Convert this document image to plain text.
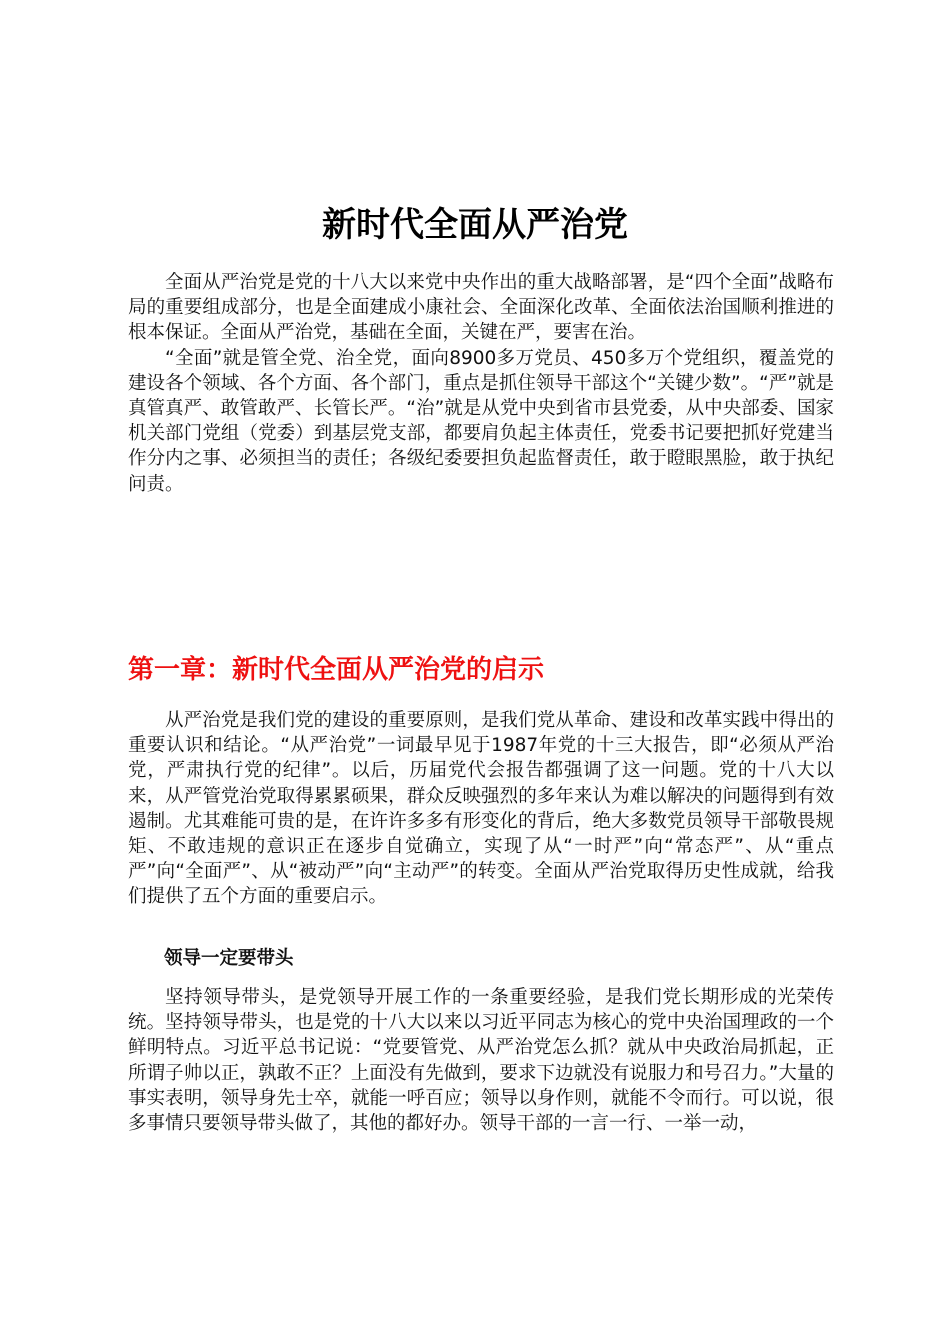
新时代全面从严治党

全面从严治党是党的十八大以来党中央作出的重大战略部署，是“四个全面”战略布局的重要组成部分，也是全面建成小康社会、全面深化改革、全面依法治国顺利推进的根本保证。全面从严治党，基础在全面，关键在严，要害在治。

“全面”就是管全党、治全党，面向8900多万党员、450多万个党组织，覆盖党的建设各个领域、各个方面、各个部门，重点是抓住领导干部这个“关键少数”。“严”就是真管真严、敢管敢严、长管长严。“治”就是从党中央到省市县党委，从中央部委、国家机关部门党组（党委）到基层党支部，都要肩负起主体责任，党委书记要把抓好党建当作分内之事、必须担当的责任；各级纪委要担负起监督责任，敢于瞪眼黑脸，敢于执纪问责。

第一章：新时代全面从严治党的启示

从严治党是我们党的建设的重要原则，是我们党从革命、建设和改革实践中得出的重要认识和结论。“从严治党”一词最早见于1987年党的十三大报告，即“必须从严治党，严肃执行党的纪律”。以后，历届党代会报告都强调了这一问题。党的十八大以来，从严管党治党取得累累硕果，群众反映强烈的多年来认为难以解决的问题得到有效遏制。尤其难能可贵的是，在许许多多有形变化的背后，绝大多数党员领导干部敬畏规矩、不敢违规的意识正在逐步自觉确立，实现了从“一时严”向“常态严”、从“重点严”向“全面严”、从“被动严”向“主动严”的转变。全面从严治党取得历史性成就，给我们提供了五个方面的重要启示。

领导一定要带头

坚持领导带头，是党领导开展工作的一条重要经验，是我们党长期形成的光荣传统。坚持领导带头，也是党的十八大以来以习近平同志为核心的党中央治国理政的一个鲜明特点。习近平总书记说：“党要管党、从严治党怎么抓？就从中央政治局抓起，正所谓子帅以正，孰敢不正？上面没有先做到，要求下边就没有说服力和号召力。”大量的事实表明，领导身先士卒，就能一呼百应；领导以身作则，就能不令而行。可以说，很多事情只要领导带头做了，其他的都好办。领导干部的一言一行、一举一动，
